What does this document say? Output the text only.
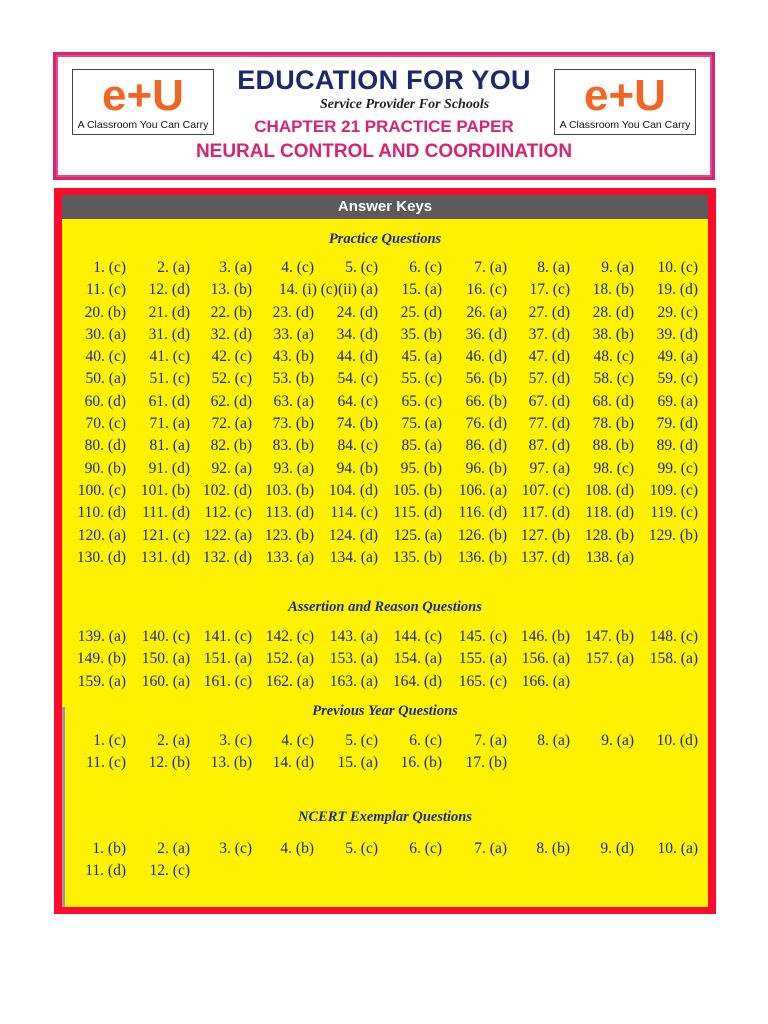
e+U
A Classroom You Can Carry
EDUCATION FOR YOU
Service Provider For Schools
CHAPTER 21 PRACTICE PAPER
NEURAL CONTROL AND COORDINATION
e+U
A Classroom You Can Carry
Answer Keys
Practice Questions
1. (c)	2. (a)	3. (a)	4. (c)	5. (c)	6. (c)	7. (a)	8. (a)	9. (a)	10. (c)
11. (c)	12. (d)	13. (b)	14. (i) (c)(ii) (a)	15. (a)	16. (c)	17. (c)	18. (b)	19. (d)
20. (b)	21. (d)	22. (b)	23. (d)	24. (d)	25. (d)	26. (a)	27. (d)	28. (d)	29. (c)
30. (a)	31. (d)	32. (d)	33. (a)	34. (d)	35. (b)	36. (d)	37. (d)	38. (b)	39. (d)
40. (c)	41. (c)	42. (c)	43. (b)	44. (d)	45. (a)	46. (d)	47. (d)	48. (c)	49. (a)
50. (a)	51. (c)	52. (c)	53. (b)	54. (c)	55. (c)	56. (b)	57. (d)	58. (c)	59. (c)
60. (d)	61. (d)	62. (d)	63. (a)	64. (c)	65. (c)	66. (b)	67. (d)	68. (d)	69. (a)
70. (c)	71. (a)	72. (a)	73. (b)	74. (b)	75. (a)	76. (d)	77. (d)	78. (b)	79. (d)
80. (d)	81. (a)	82. (b)	83. (b)	84. (c)	85. (a)	86. (d)	87. (d)	88. (b)	89. (d)
90. (b)	91. (d)	92. (a)	93. (a)	94. (b)	95. (b)	96. (b)	97. (a)	98. (c)	99. (c)
100. (c) 101. (b) 102. (d) 103. (b) 104. (d) 105. (b)	106. (a) 107. (c) 108. (d)	109. (c)
110. (d)	111. (d) 112. (c) 113. (d)	114. (c)	115. (d)	116. (d) 117. (d)	118. (d)	119. (c)
120. (a)	121. (c) 122. (a) 123. (b) 124. (d)	125. (a)	126. (b) 127. (b) 128. (b) 129. (b)
130. (d) 131. (d) 132. (d) 133. (a)	134. (a) 135. (b)	136. (b) 137. (d)	138. (a)
Assertion and Reason Questions
139. (a)	140. (c) 141. (c) 142. (c)	143. (a)	144. (c)	145. (c) 146. (b) 147. (b)	148. (c)
149. (b)	150. (a) 151. (a) 152. (a)	153. (a)	154. (a)	155. (a) 156. (a)	157. (a)	158. (a)
159. (a)	160. (a) 161. (c) 162. (a)	163. (a) 164. (d)	165. (c) 166. (a)
Previous Year Questions
1. (c)	2. (a)	3. (c)	4. (c)	5. (c)	6. (c)	7. (a)	8. (a)	9. (a)	10. (d)
11. (c)	12. (b)	13. (b)	14. (d)	15. (a)	16. (b)	17. (b)
NCERT Exemplar Questions
1. (b)	2. (a)	3. (c)	4. (b)	5. (c)	6. (c)	7. (a)	8. (b)	9. (d)	10. (a)
11. (d)	12. (c)
